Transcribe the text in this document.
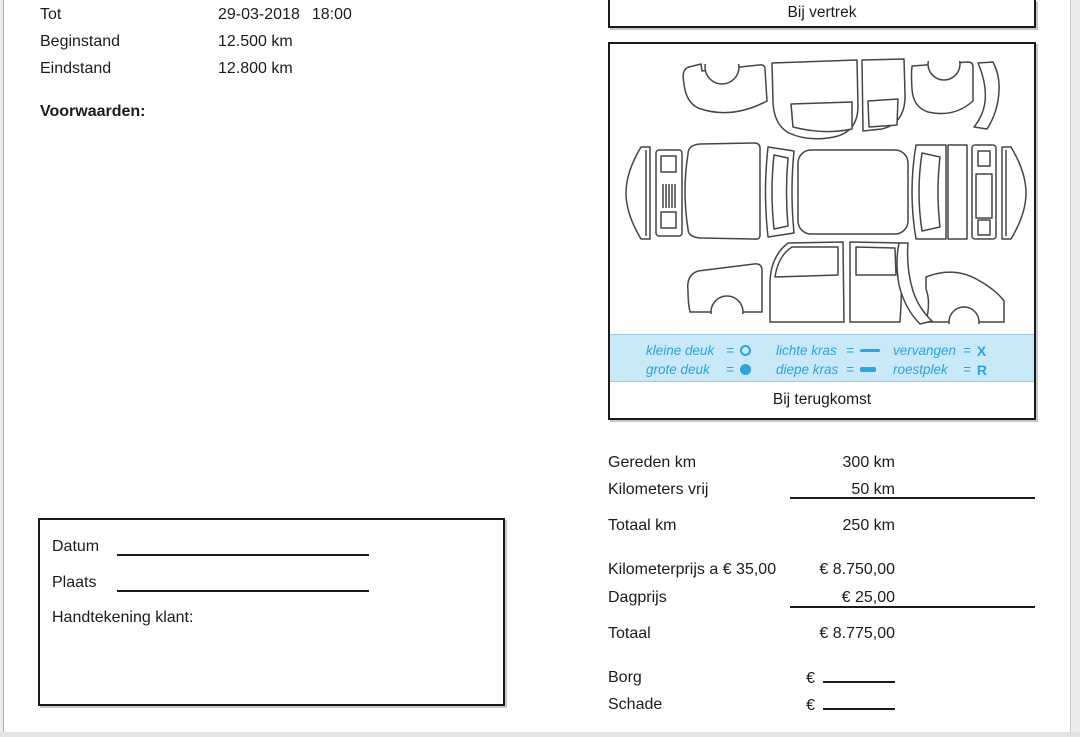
Tot	29-03-2018 18:00
Beginstand	12.500 km
Eindstand	12.800 km
Voorwaarden:
Bij vertrek
kleine deuk =
grote deuk	=
lichte kras =
diepe kras =
vervangen = X
roestplek	= R
Bij terugkomst
Gereden km	300 km
Kilometers vrij	50 km
Totaal km	250 km
Kilometerprijs a € 35,00	€ 8.750,00
Dagprijs	€ 25,00
Totaal	€ 8.775,00
Borg	€
Schade	€
Datum
Plaats
Handtekening klant:
